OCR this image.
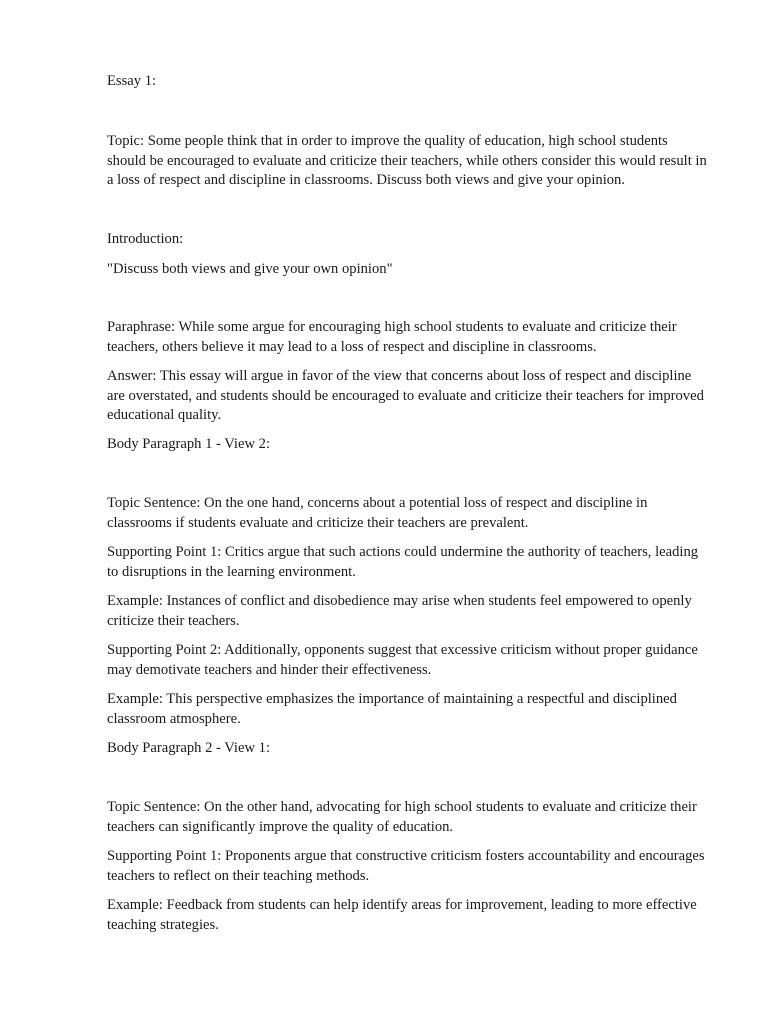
Essay 1:

Topic: Some people think that in order to improve the quality of education, high school students should be encouraged to evaluate and criticize their teachers, while others consider this would result in a loss of respect and discipline in classrooms. Discuss both views and give your opinion.

Introduction:

"Discuss both views and give your own opinion"

Paraphrase: While some argue for encouraging high school students to evaluate and criticize their teachers, others believe it may lead to a loss of respect and discipline in classrooms.

Answer: This essay will argue in favor of the view that concerns about loss of respect and discipline are overstated, and students should be encouraged to evaluate and criticize their teachers for improved educational quality.

Body Paragraph 1 - View 2:

Topic Sentence: On the one hand, concerns about a potential loss of respect and discipline in classrooms if students evaluate and criticize their teachers are prevalent.

Supporting Point 1: Critics argue that such actions could undermine the authority of teachers, leading to disruptions in the learning environment.

Example: Instances of conflict and disobedience may arise when students feel empowered to openly criticize their teachers.

Supporting Point 2: Additionally, opponents suggest that excessive criticism without proper guidance may demotivate teachers and hinder their effectiveness.

Example: This perspective emphasizes the importance of maintaining a respectful and disciplined classroom atmosphere.

Body Paragraph 2 - View 1:

Topic Sentence: On the other hand, advocating for high school students to evaluate and criticize their teachers can significantly improve the quality of education.

Supporting Point 1: Proponents argue that constructive criticism fosters accountability and encourages teachers to reflect on their teaching methods.

Example: Feedback from students can help identify areas for improvement, leading to more effective teaching strategies.
